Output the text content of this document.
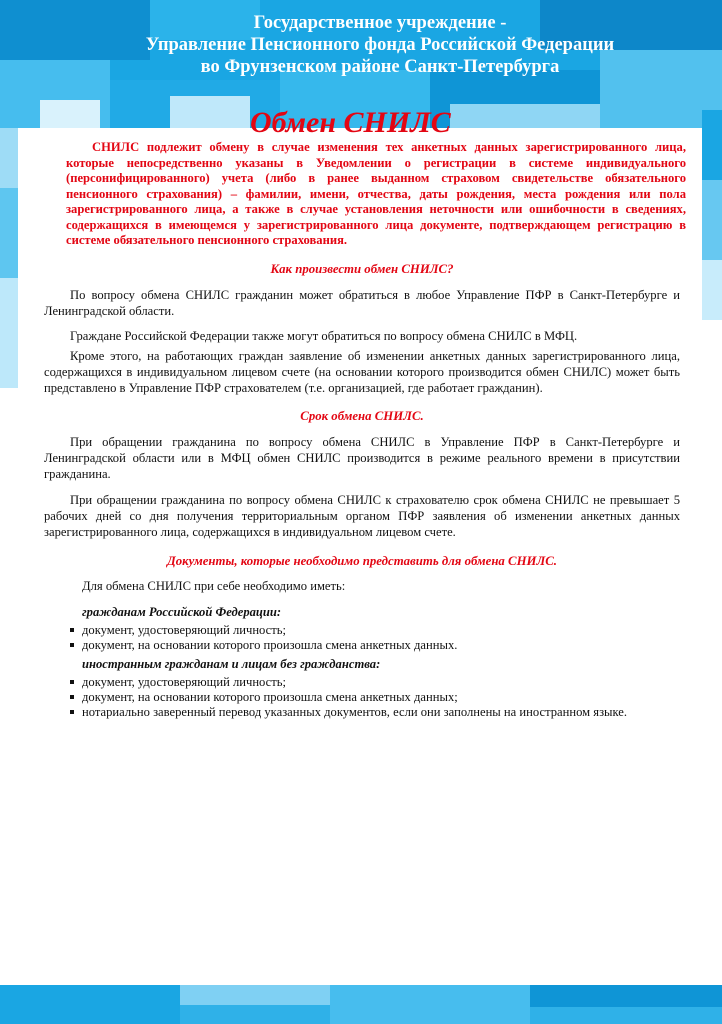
Государственное учреждение -
Управление Пенсионного фонда Российской Федерации
во Фрунзенском районе Санкт-Петербурга
Обмен СНИЛС

СНИЛС подлежит обмену в случае изменения тех анкетных данных зарегистрированного лица, которые непосредственно указаны в Уведомлении о регистрации в системе индивидуального (персонифицированного) учета (либо в ранее выданном страховом свидетельстве обязательного пенсионного страхования) – фамилии, имени, отчества, даты рождения, места рождения или пола зарегистрированного лица, а также в случае установления неточности или ошибочности в сведениях, содержащихся в имеющемся у зарегистрированного лица документе, подтверждающем регистрацию в системе обязательного пенсионного страхования.

Как произвести обмен СНИЛС?

По вопросу обмена СНИЛС гражданин может обратиться в любое Управление ПФР в Санкт-Петербурге и Ленинградской области.

Граждане Российской Федерации также могут обратиться по вопросу обмена СНИЛС в МФЦ.

Кроме этого, на работающих граждан заявление об изменении анкетных данных зарегистрированного лица, содержащихся в индивидуальном лицевом счете (на основании которого производится обмен СНИЛС) может быть представлено в Управление ПФР страхователем (т.е. организацией, где работает гражданин).

Срок обмена СНИЛС.

При обращении гражданина по вопросу обмена СНИЛС в Управление ПФР в Санкт-Петербурге и Ленинградской области или в МФЦ обмен СНИЛС производится в режиме реального времени в присутствии гражданина.

При обращении гражданина по вопросу обмена СНИЛС к страхователю срок обмена СНИЛС не превышает 5 рабочих дней со дня получения территориальным органом ПФР заявления об изменении анкетных данных зарегистрированного лица, содержащихся в индивидуальном лицевом счете.

Документы, которые необходимо представить для обмена СНИЛС.

Для обмена СНИЛС при себе необходимо иметь:

гражданам Российской Федерации:

документ, удостоверяющий личность;
документ, на основании которого произошла смена анкетных данных.

иностранным гражданам и лицам без гражданства:

документ, удостоверяющий личность;
документ, на основании которого произошла смена анкетных данных;
нотариально заверенный перевод указанных документов, если они заполнены на иностранном языке.
